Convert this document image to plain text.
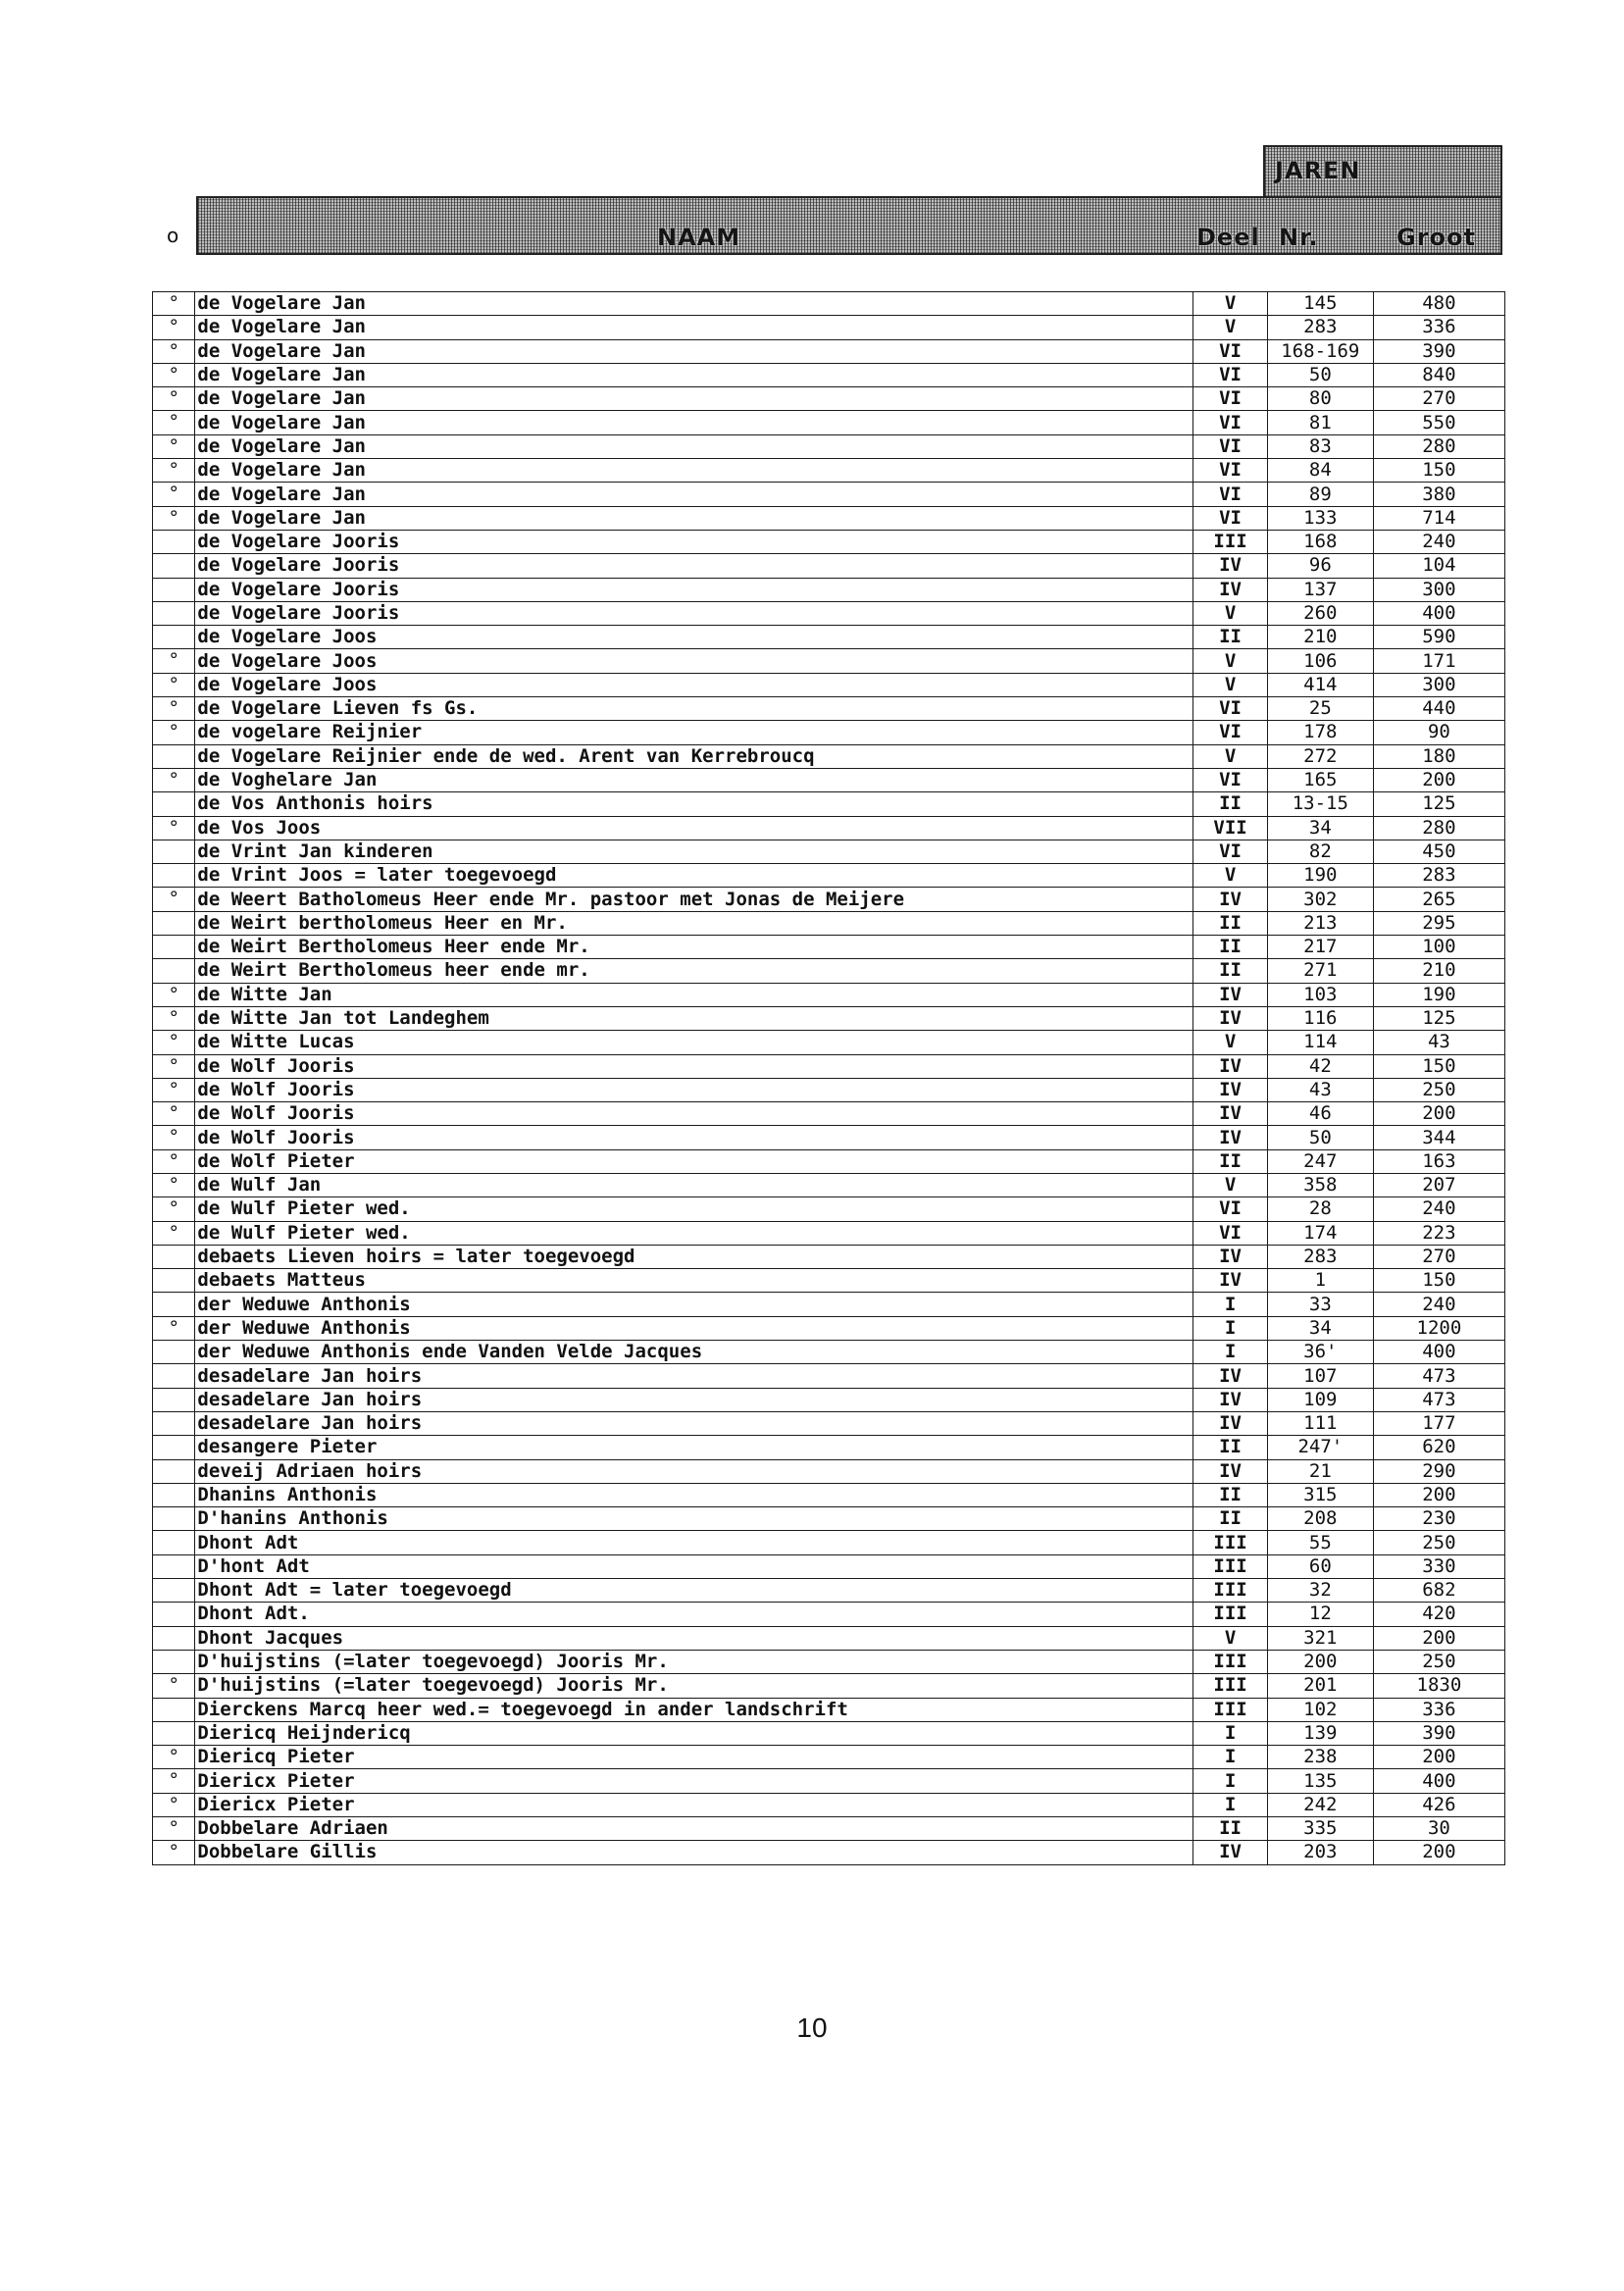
JAREN
o	NAAM	Deel Nr.	Groot
°	de Vogelare Jan	V	145	480
°	de Vogelare Jan	V	283	336
°	de Vogelare Jan	VI	168-169	390
°	de Vogelare Jan	VI	50	840
°	de Vogelare Jan	VI	80	270
°	de Vogelare Jan	VI	81	550
°	de Vogelare Jan	VI	83	280
°	de Vogelare Jan	VI	84	150
°	de Vogelare Jan	VI	89	380
°	de Vogelare Jan	VI	133	714
	de Vogelare Jooris	III	168	240
	de Vogelare Jooris	IV	96	104
	de Vogelare Jooris	IV	137	300
	de Vogelare Jooris	V	260	400
	de Vogelare Joos	II	210	590
°	de Vogelare Joos	V	106	171
°	de Vogelare Joos	V	414	300
°	de Vogelare Lieven fs Gs.	VI	25	440
°	de vogelare Reijnier	VI	178	90
	de Vogelare Reijnier ende de wed. Arent van Kerrebroucq	V	272	180
°	de Voghelare Jan	VI	165	200
	de Vos Anthonis hoirs	II	13-15	125
°	de Vos Joos	VII	34	280
	de Vrint Jan kinderen	VI	82	450
	de Vrint Joos = later toegevoegd	V	190	283
°	de Weert Batholomeus Heer ende Mr. pastoor met Jonas de Meijere	IV	302	265
	de Weirt bertholomeus Heer en Mr.	II	213	295
	de Weirt Bertholomeus Heer ende Mr.	II	217	100
	de Weirt Bertholomeus heer ende mr.	II	271	210
°	de Witte Jan	IV	103	190
°	de Witte Jan tot Landeghem	IV	116	125
°	de Witte Lucas	V	114	43
°	de Wolf Jooris	IV	42	150
°	de Wolf Jooris	IV	43	250
°	de Wolf Jooris	IV	46	200
°	de Wolf Jooris	IV	50	344
°	de Wolf Pieter	II	247	163
°	de Wulf Jan	V	358	207
°	de Wulf Pieter wed.	VI	28	240
°	de Wulf Pieter wed.	VI	174	223
	debaets Lieven hoirs = later toegevoegd	IV	283	270
	debaets Matteus	IV	1	150
	der Weduwe Anthonis	I	33	240
°	der Weduwe Anthonis	I	34	1200
	der Weduwe Anthonis ende Vanden Velde Jacques	I	36'	400
	desadelare Jan hoirs	IV	107	473
	desadelare Jan hoirs	IV	109	473
	desadelare Jan hoirs	IV	111	177
	desangere Pieter	II	247'	620
	deveij Adriaen hoirs	IV	21	290
	Dhanins Anthonis	II	315	200
	D'hanins Anthonis	II	208	230
	Dhont Adt	III	55	250
	D'hont Adt	III	60	330
	Dhont Adt = later toegevoegd	III	32	682
	Dhont Adt.	III	12	420
	Dhont Jacques	V	321	200
	D'huijstins (=later toegevoegd) Jooris Mr.	III	200	250
°	D'huijstins (=later toegevoegd) Jooris Mr.	III	201	1830
	Dierckens Marcq heer wed.= toegevoegd in ander landschrift	III	102	336
	Diericq Heijndericq	I	139	390
°	Diericq Pieter	I	238	200
°	Diericx Pieter	I	135	400
°	Diericx Pieter	I	242	426
°	Dobbelare Adriaen	II	335	30
°	Dobbelare Gillis	IV	203	200
10
